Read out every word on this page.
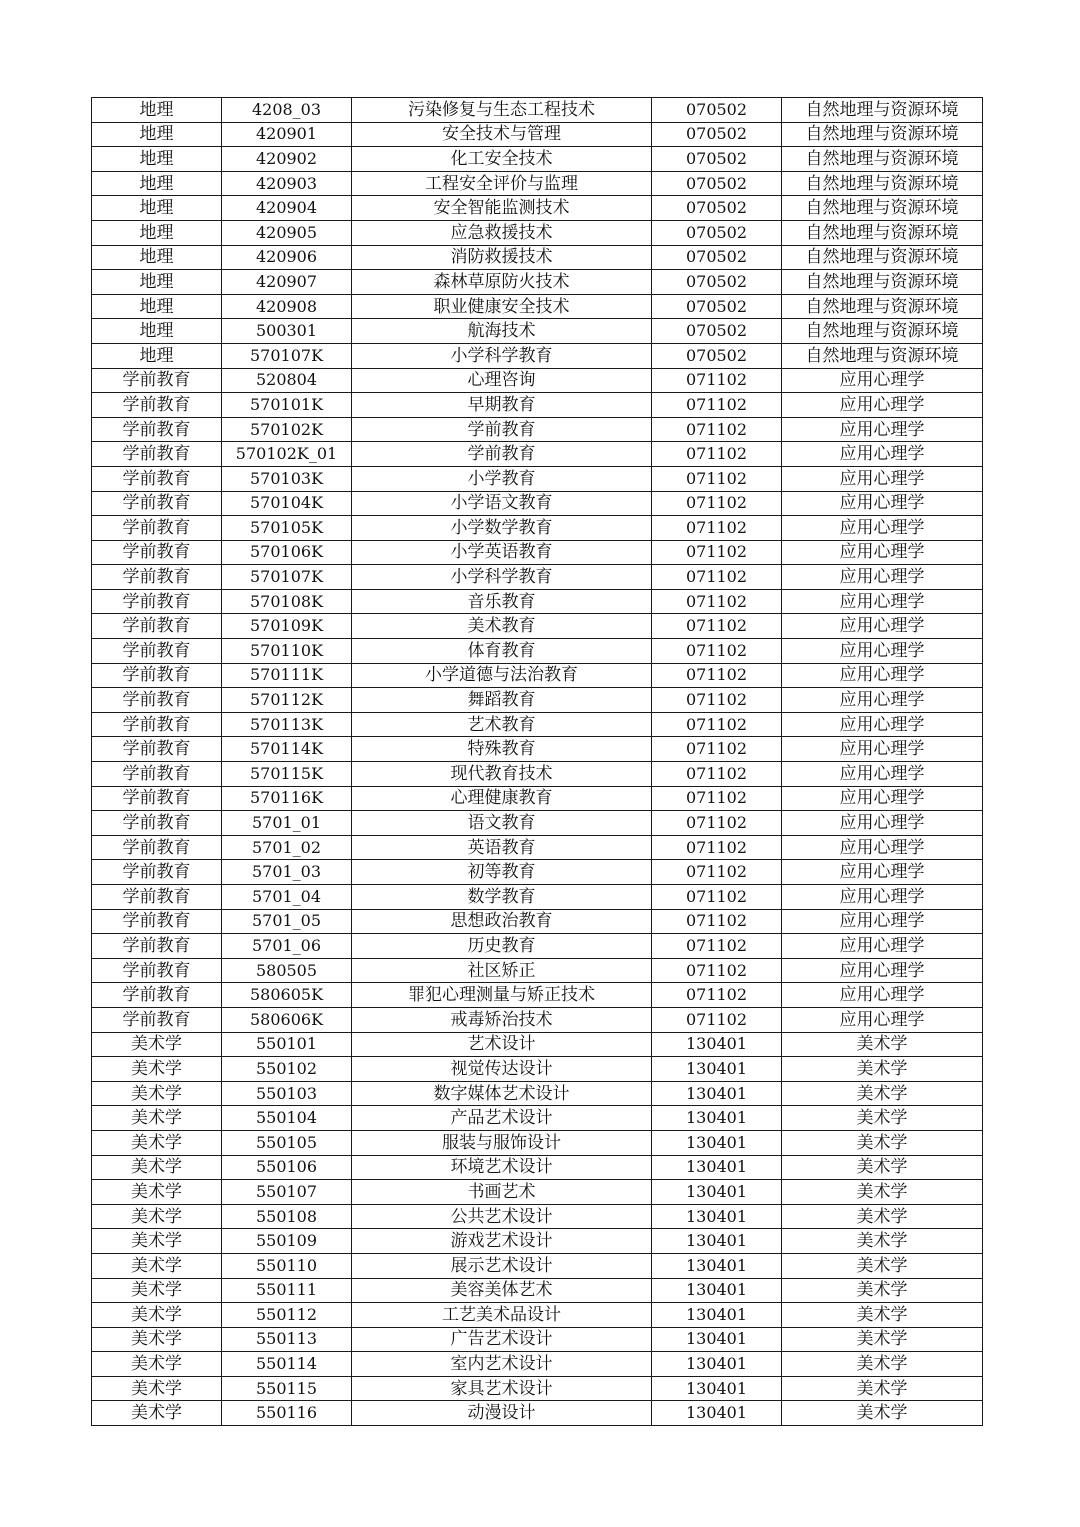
地理	4208_03	污染修复与生态工程技术	070502	自然地理与资源环境
地理	420901	安全技术与管理	070502	自然地理与资源环境
地理	420902	化工安全技术	070502	自然地理与资源环境
地理	420903	工程安全评价与监理	070502	自然地理与资源环境
地理	420904	安全智能监测技术	070502	自然地理与资源环境
地理	420905	应急救援技术	070502	自然地理与资源环境
地理	420906	消防救援技术	070502	自然地理与资源环境
地理	420907	森林草原防火技术	070502	自然地理与资源环境
地理	420908	职业健康安全技术	070502	自然地理与资源环境
地理	500301	航海技术	070502	自然地理与资源环境
地理	570107K	小学科学教育	070502	自然地理与资源环境
学前教育	520804	心理咨询	071102	应用心理学
学前教育	570101K	早期教育	071102	应用心理学
学前教育	570102K	学前教育	071102	应用心理学
学前教育	570102K_01	学前教育	071102	应用心理学
学前教育	570103K	小学教育	071102	应用心理学
学前教育	570104K	小学语文教育	071102	应用心理学
学前教育	570105K	小学数学教育	071102	应用心理学
学前教育	570106K	小学英语教育	071102	应用心理学
学前教育	570107K	小学科学教育	071102	应用心理学
学前教育	570108K	音乐教育	071102	应用心理学
学前教育	570109K	美术教育	071102	应用心理学
学前教育	570110K	体育教育	071102	应用心理学
学前教育	570111K	小学道德与法治教育	071102	应用心理学
学前教育	570112K	舞蹈教育	071102	应用心理学
学前教育	570113K	艺术教育	071102	应用心理学
学前教育	570114K	特殊教育	071102	应用心理学
学前教育	570115K	现代教育技术	071102	应用心理学
学前教育	570116K	心理健康教育	071102	应用心理学
学前教育	5701_01	语文教育	071102	应用心理学
学前教育	5701_02	英语教育	071102	应用心理学
学前教育	5701_03	初等教育	071102	应用心理学
学前教育	5701_04	数学教育	071102	应用心理学
学前教育	5701_05	思想政治教育	071102	应用心理学
学前教育	5701_06	历史教育	071102	应用心理学
学前教育	580505	社区矫正	071102	应用心理学
学前教育	580605K	罪犯心理测量与矫正技术	071102	应用心理学
学前教育	580606K	戒毒矫治技术	071102	应用心理学
美术学	550101	艺术设计	130401	美术学
美术学	550102	视觉传达设计	130401	美术学
美术学	550103	数字媒体艺术设计	130401	美术学
美术学	550104	产品艺术设计	130401	美术学
美术学	550105	服装与服饰设计	130401	美术学
美术学	550106	环境艺术设计	130401	美术学
美术学	550107	书画艺术	130401	美术学
美术学	550108	公共艺术设计	130401	美术学
美术学	550109	游戏艺术设计	130401	美术学
美术学	550110	展示艺术设计	130401	美术学
美术学	550111	美容美体艺术	130401	美术学
美术学	550112	工艺美术品设计	130401	美术学
美术学	550113	广告艺术设计	130401	美术学
美术学	550114	室内艺术设计	130401	美术学
美术学	550115	家具艺术设计	130401	美术学
美术学	550116	动漫设计	130401	美术学
